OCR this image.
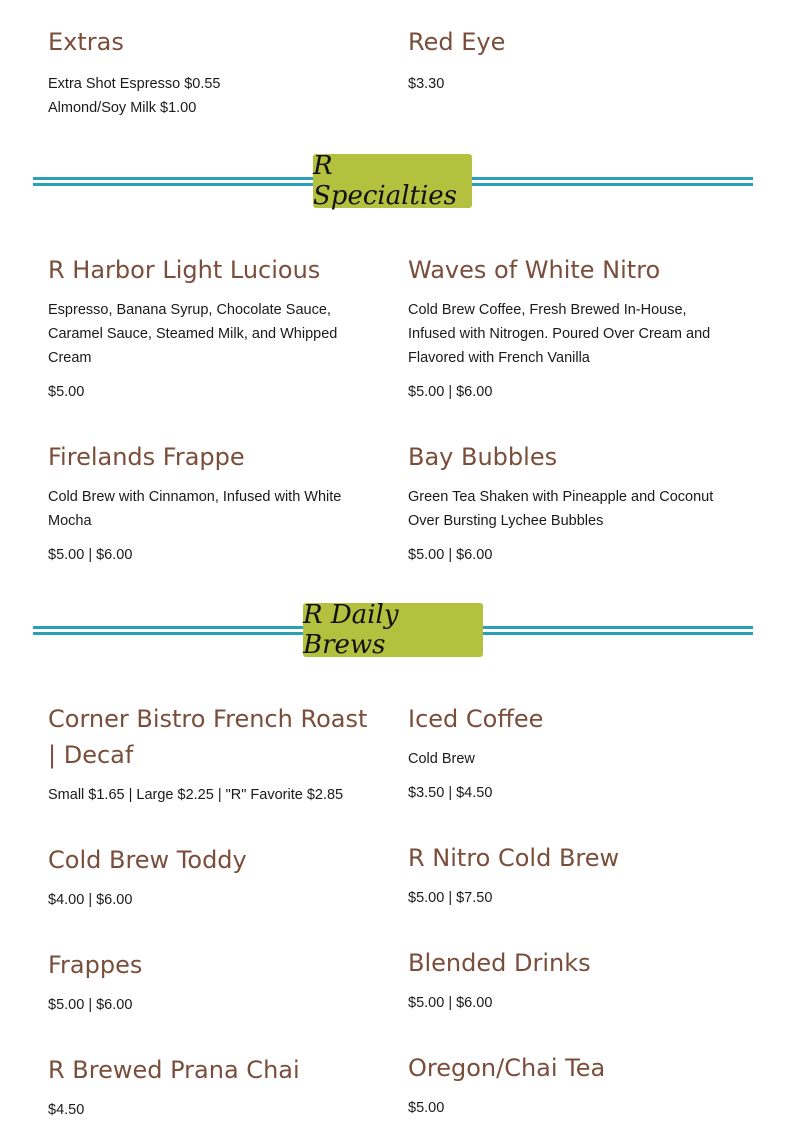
Extras

Extra Shot Espresso $0.55

Almond/Soy Milk $1.00

Red Eye

$3.30

R Specialties
R Harbor Light Lucious

Espresso, Banana Syrup, Chocolate Sauce, Caramel Sauce, Steamed Milk, and Whipped Cream

$5.00

Waves of White Nitro

Cold Brew Coffee, Fresh Brewed In-House, Infused with Nitrogen. Poured Over Cream and Flavored with French Vanilla

$5.00 | $6.00

Firelands Frappe

Cold Brew with Cinnamon, Infused with White Mocha

$5.00 | $6.00

Bay Bubbles

Green Tea Shaken with Pineapple and Coconut Over Bursting Lychee Bubbles

$5.00 | $6.00

R Daily Brews
Corner Bistro French Roast | Decaf

Small $1.65 | Large $2.25 | "R" Favorite $2.85

Iced Coffee

Cold Brew

$3.50 | $4.50

Cold Brew Toddy

$4.00 | $6.00

R Nitro Cold Brew

$5.00 | $7.50

Frappes

$5.00 | $6.00

Blended Drinks

$5.00 | $6.00

R Brewed Prana Chai

$4.50

Oregon/Chai Tea

$5.00
